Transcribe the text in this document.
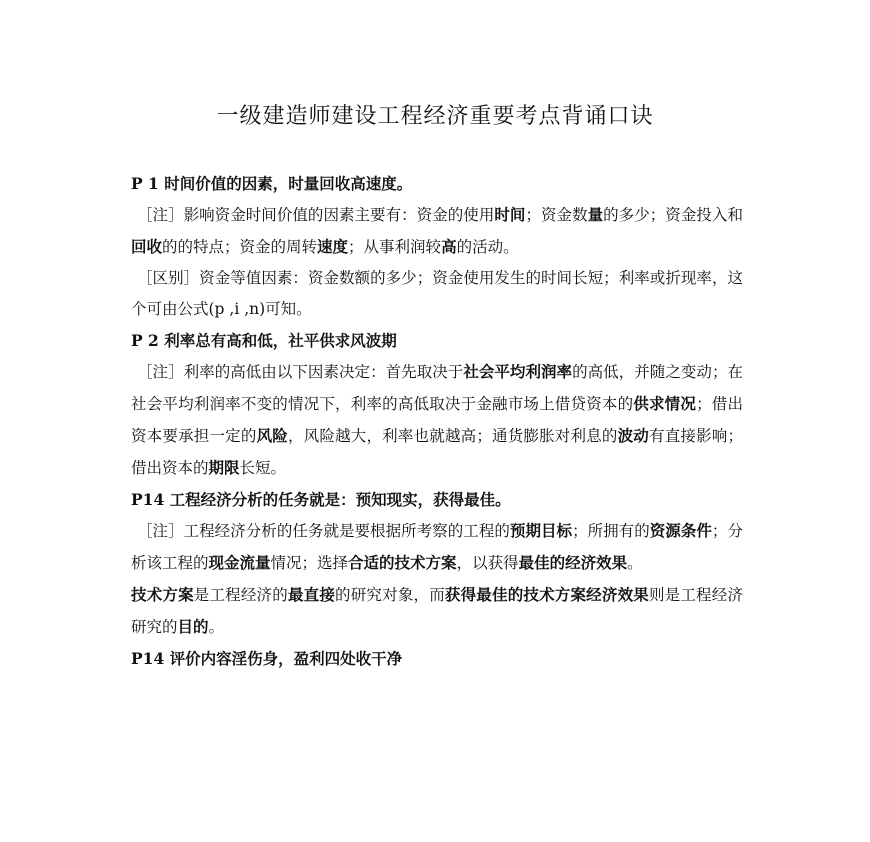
一级建造师建设工程经济重要考点背诵口诀

P 1 时间价值的因素，时量回收高速度。

［注］影响资金时间价值的因素主要有：资金的使用时间；资金数量的多少；资金投入和回收的的特点；资金的周转速度；从事利润较高的活动。

［区别］资金等值因素：资金数额的多少；资金使用发生的时间长短；利率或折现率，这个可由公式(p ,i ,n)可知。

P 2 利率总有高和低，社平供求风波期

［注］利率的高低由以下因素决定：首先取决于社会平均利润率的高低，并随之变动；在社会平均利润率不变的情况下，利率的高低取决于金融市场上借贷资本的供求情况；借出资本要承担一定的风险，风险越大，利率也就越高；通货膨胀对利息的波动有直接影响；借出资本的期限长短。

P14 工程经济分析的任务就是：预知现实，获得最佳。

［注］工程经济分析的任务就是要根据所考察的工程的预期目标；所拥有的资源条件；分析该工程的现金流量情况；选择合适的技术方案，以获得最佳的经济效果。

技术方案是工程经济的最直接的研究对象，而获得最佳的技术方案经济效果则是工程经济研究的目的。

P14 评价内容淫伤身，盈利四处收干净
